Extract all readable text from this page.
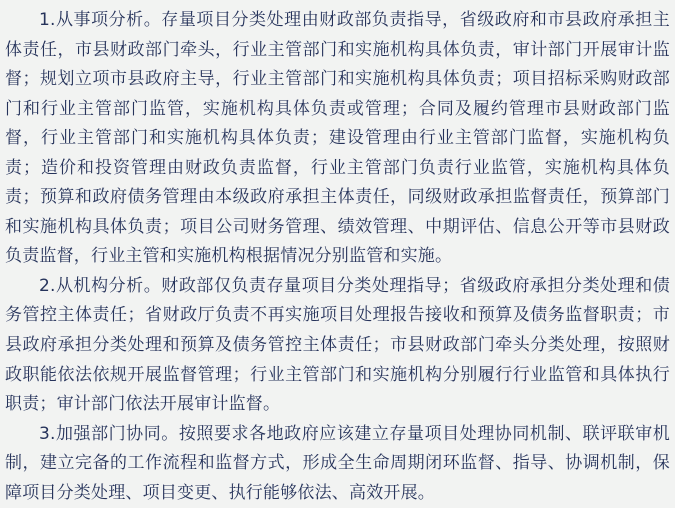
1.从事项分析。存量项目分类处理由财政部负责指导，省级政府和市县政府承担主体责任，市县财政部门牵头，行业主管部门和实施机构具体负责，审计部门开展审计监督；规划立项市县政府主导，行业主管部门和实施机构具体负责；项目招标采购财政部门和行业主管部门监管，实施机构具体负责或管理；合同及履约管理市县财政部门监督，行业主管部门和实施机构具体负责；建设管理由行业主管部门监督，实施机构负责；造价和投资管理由财政负责监督，行业主管部门负责行业监管，实施机构具体负责；预算和政府债务管理由本级政府承担主体责任，同级财政承担监督责任，预算部门和实施机构具体负责；项目公司财务管理、绩效管理、中期评估、信息公开等市县财政负责监督，行业主管和实施机构根据情况分别监管和实施。

2.从机构分析。财政部仅负责存量项目分类处理指导；省级政府承担分类处理和债务管控主体责任；省财政厅负责不再实施项目处理报告接收和预算及债务监督职责；市县政府承担分类处理和预算及债务管控主体责任；市县财政部门牵头分类处理，按照财政职能依法依规开展监督管理；行业主管部门和实施机构分别履行行业监管和具体执行职责；审计部门依法开展审计监督。

3.加强部门协同。按照要求各地政府应该建立存量项目处理协同机制、联评联审机制，建立完备的工作流程和监督方式，形成全生命周期闭环监督、指导、协调机制，保障项目分类处理、项目变更、执行能够依法、高效开展。
